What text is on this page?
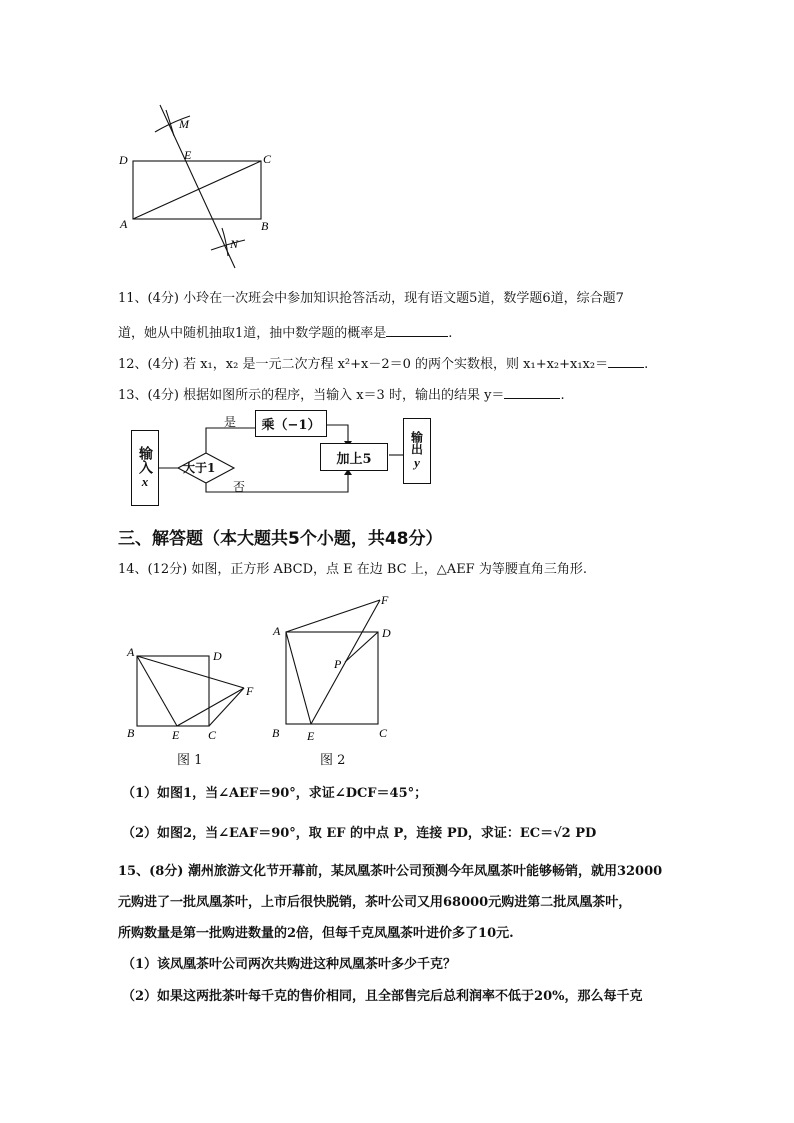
M
E
D	C
A	B
N
11、(4分) 小玲在一次班会中参加知识抢答活动，现有语文题5道，数学题6道，综合题7
道，她从中随机抽取1道，抽中数学题的概率是	.
12、(4分) 若 x₁，x₂ 是一元二次方程 x²+x－2＝0 的两个实数根，则 x₁+x₂+x₁x₂＝	.
13、(4分) 根据如图所示的程序，当输入 x＝3 时，输出的结果 y＝	.
输入
x
大于1
是
否
乘（−1）
加上5
输出
y
三、解答题（本大题共5个小题，共48分）
14、(12分) 如图，正方形 ABCD，点 E 在边 BC 上，△AEF 为等腰直角三角形.
A	D
F
B	E C
图 1
F
A	D
P
B E	C
图 2
（1）如图1，当∠AEF＝90°，求证∠DCF＝45°；
（2）如图2，当∠EAF＝90°，取 EF 的中点 P，连接 PD，求证：EC＝√2 PD
15、(8分) 潮州旅游文化节开幕前，某凤凰茶叶公司预测今年凤凰茶叶能够畅销，就用32000
元购进了一批凤凰茶叶，上市后很快脱销，茶叶公司又用68000元购进第二批凤凰茶叶，
所购数量是第一批购进数量的2倍，但每千克凤凰茶叶进价多了10元.
（1）该凤凰茶叶公司两次共购进这种凤凰茶叶多少千克？
（2）如果这两批茶叶每千克的售价相同，且全部售完后总利润率不低于20%，那么每千克
